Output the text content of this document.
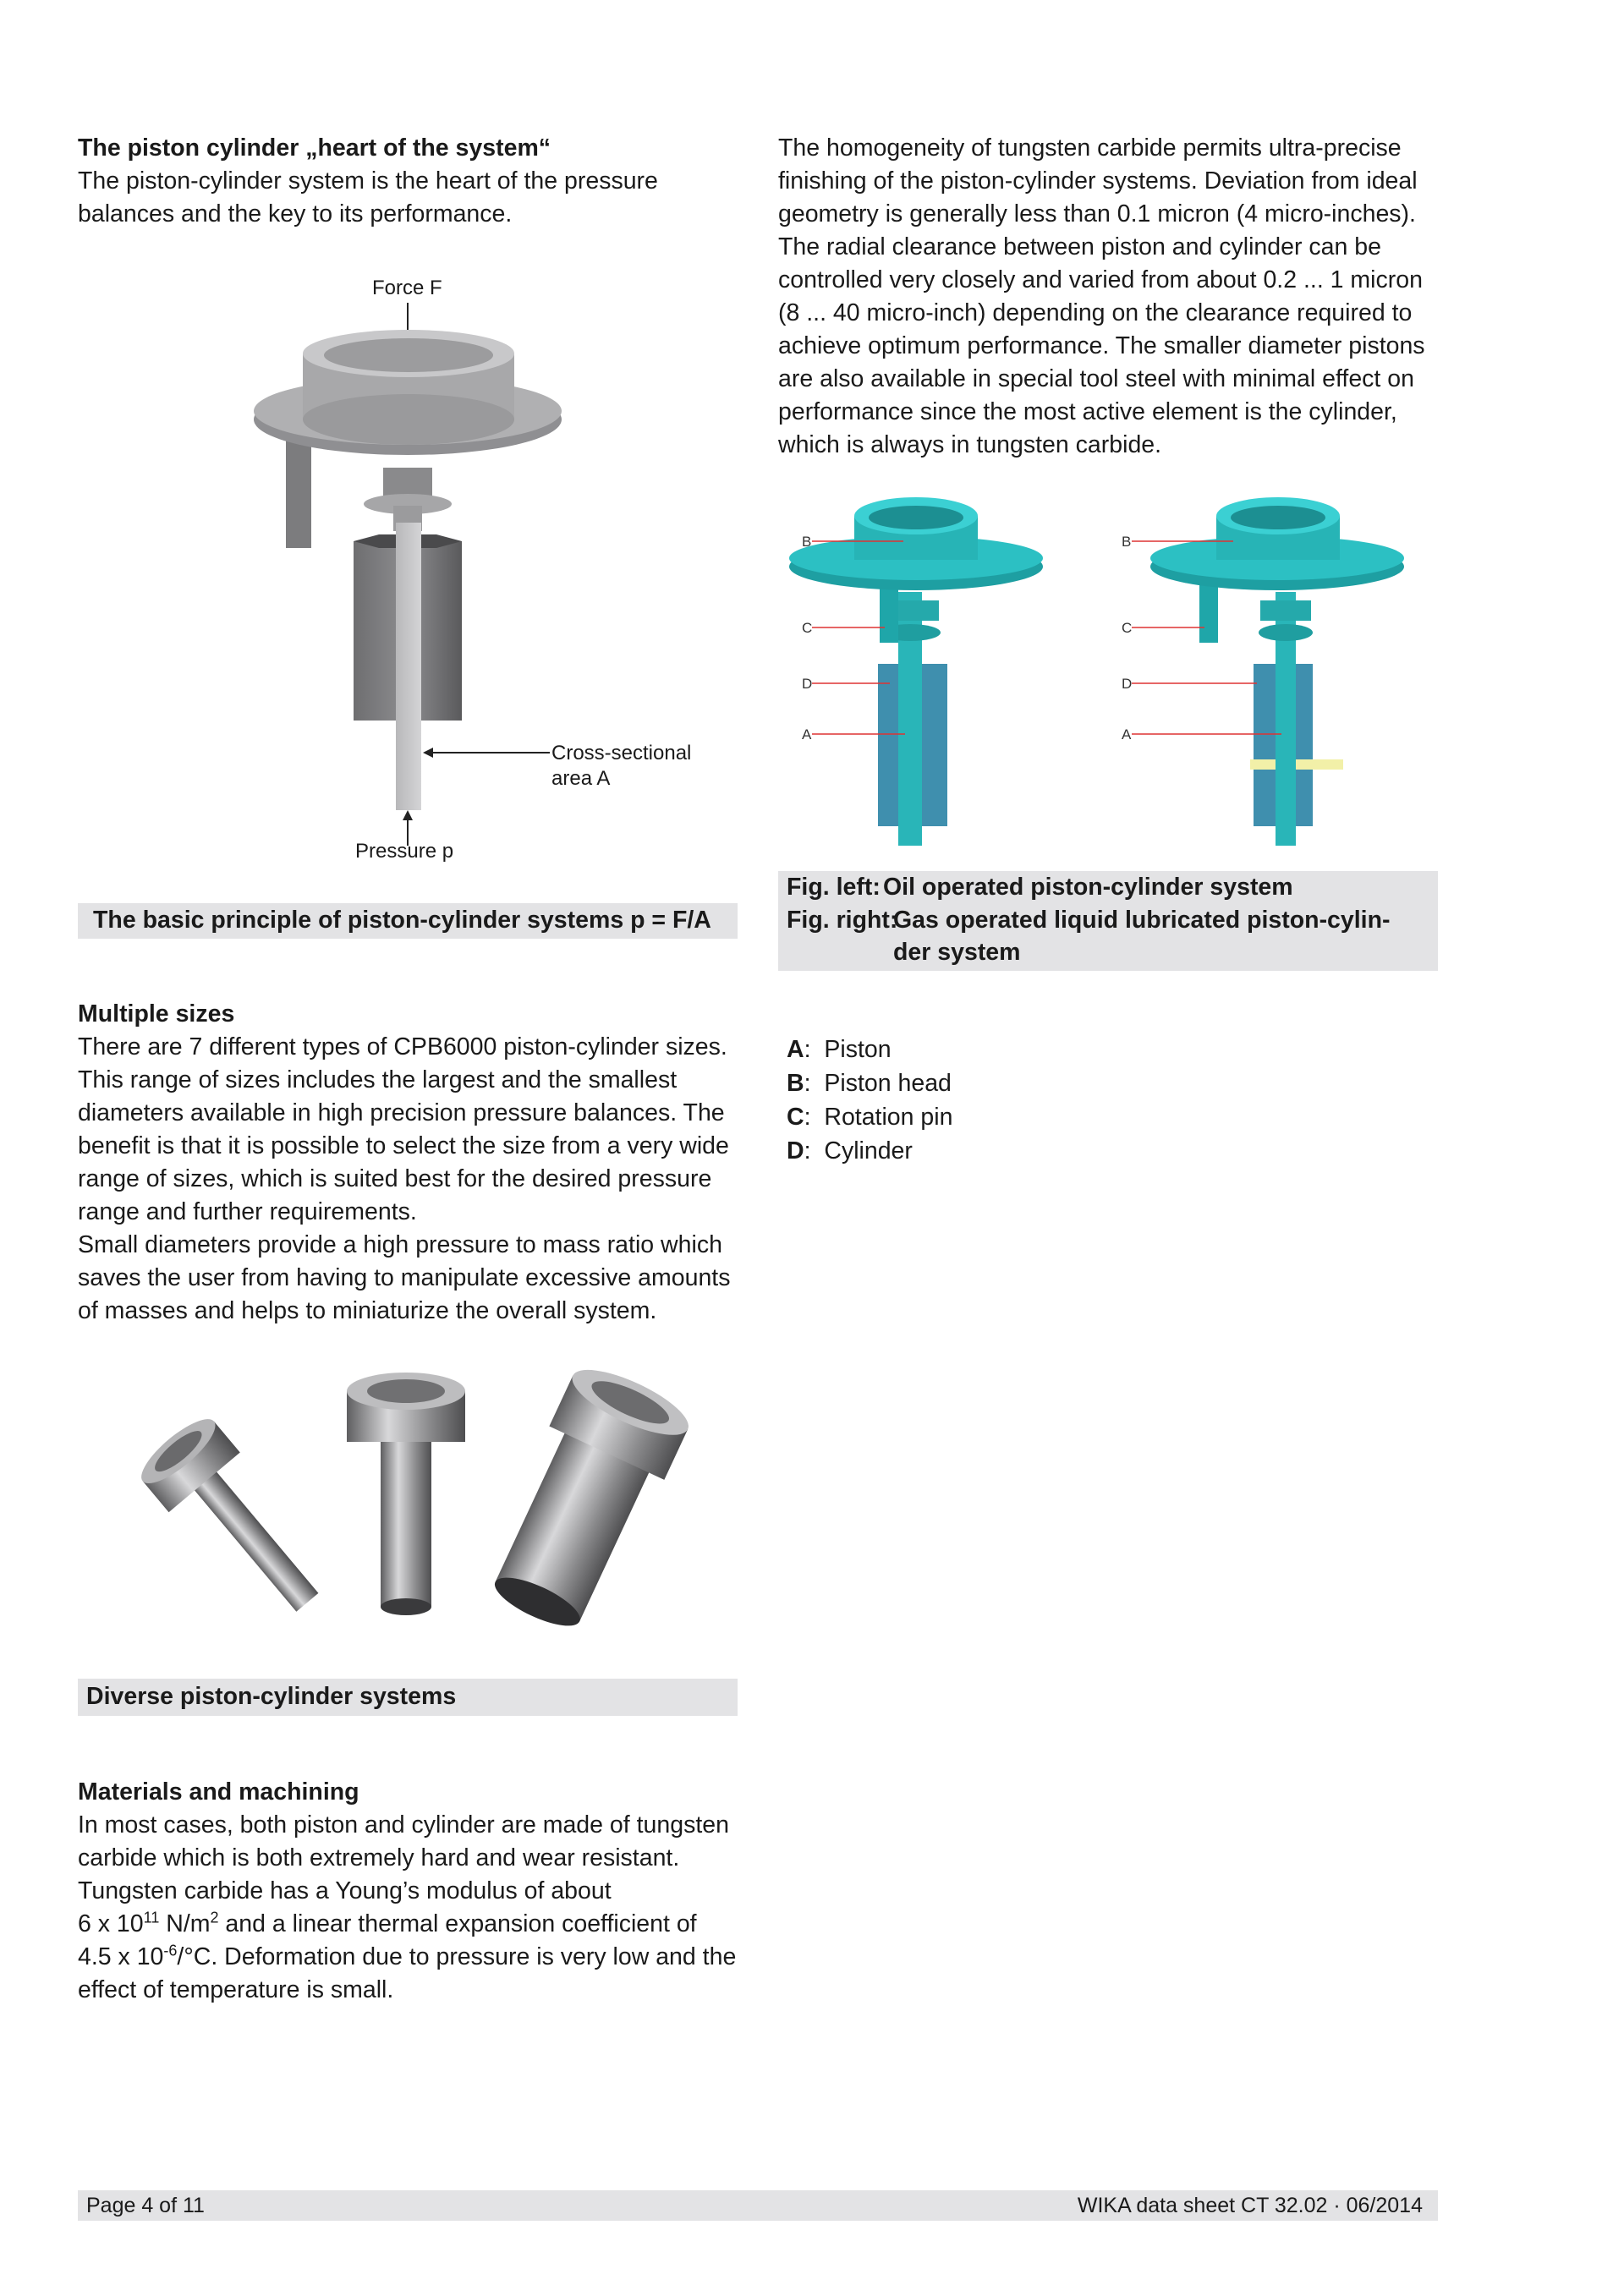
The piston cylinder „heart of the system“
The piston-cylinder system is the heart of the pressure balances and the key to its performance.
Force F
Cross-sectional
area A
Pressure p
The basic principle of piston-cylinder systems p = F/A
Multiple sizes
There are 7 different types of CPB6000 piston-cylinder sizes. This range of sizes includes the largest and the smallest diameters available in high precision pressure balances. The benefit is that it is possible to select the size from a very wide range of sizes, which is suited best for the desired pressure range and further requirements.
Small diameters provide a high pressure to mass ratio which saves the user from having to manipulate excessive amounts of masses and helps to miniaturize the overall system.
Diverse piston-cylinder systems
Materials and machining
In most cases, both piston and cylinder are made of tungsten carbide which is both extremely hard and wear resistant. Tungsten carbide has a Young’s modulus of about
6 x $10^{11}$ $N/m^2$ and a linear thermal expansion coefficient of
4.5 x $10^{-6}/^\circ C$. Deformation due to pressure is very low and the effect of temperature is small.
The homogeneity of tungsten carbide permits ultra-precise finishing of the piston-cylinder systems. Deviation from ideal geometry is generally less than 0.1 micron (4 micro-inches). The radial clearance between piston and cylinder can be controlled very closely and varied from about 0.2 ... 1 micron (8 ... 40 micro-inch) depending on the clearance required to achieve optimum performance. The smaller diameter pistons are also available in special tool steel with minimal effect on performance since the most active element is the cylinder, which is always in tungsten carbide.
B
C
D
A
B
C
D
A
Fig. left: Oil operated piston-cylinder system
Fig. right:
Gas operated liquid lubricated piston-cylin-
der system
A:  Piston
B:  Piston head
C:  Rotation pin
D:  Cylinder
Page 4 of 11	WIKA data sheet CT 32.02 · 06/2014
